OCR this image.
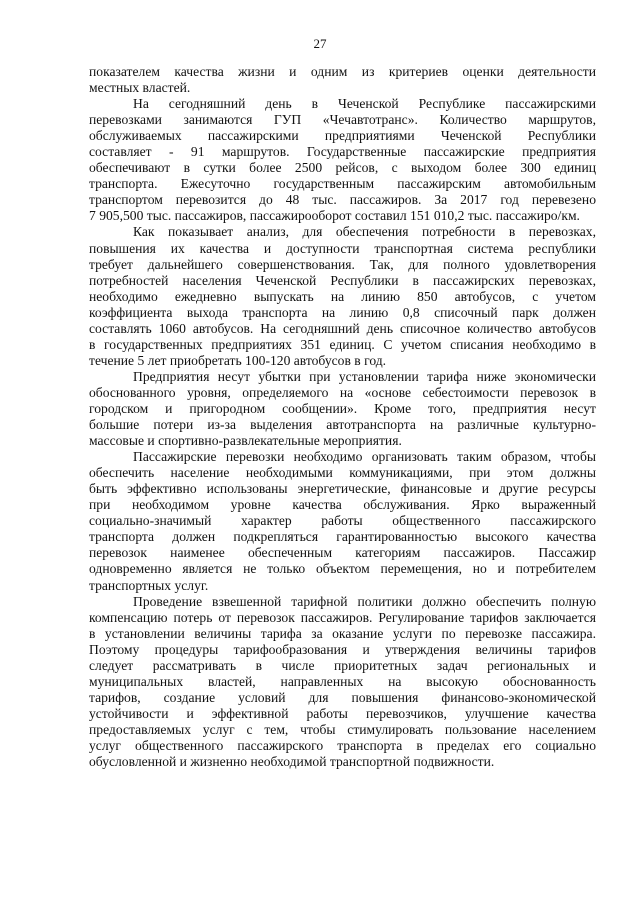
27
показателем качества жизни и одним из критериев оценки деятельности
местных властей.
На сегодняшний день в Чеченской Республике пассажирскими
перевозками занимаются ГУП «Чечавтотранс». Количество маршрутов,
обслуживаемых пассажирскими предприятиями Чеченской Республики
составляет - 91 маршрутов. Государственные пассажирские предприятия
обеспечивают в сутки более 2500 рейсов, с выходом более 300 единиц
транспорта. Ежесуточно государственным пассажирским автомобильным
транспортом перевозится до 48 тыс. пассажиров. За 2017 год перевезено
7 905,500 тыс. пассажиров, пассажирооборот составил 151 010,2 тыс. пассажиро/км.
Как показывает анализ, для обеспечения потребности в перевозках,
повышения их качества и доступности транспортная система республики
требует дальнейшего совершенствования. Так, для полного удовлетворения
потребностей населения Чеченской Республики в пассажирских перевозках,
необходимо ежедневно выпускать на линию 850 автобусов, с учетом
коэффициента выхода транспорта на линию 0,8 списочный парк должен
составлять 1060 автобусов. На сегодняшний день списочное количество автобусов
в государственных предприятиях 351 единиц. С учетом списания необходимо в
течение 5 лет приобретать 100-120 автобусов в год.
Предприятия несут убытки при установлении тарифа ниже экономически
обоснованного уровня, определяемого на «основе себестоимости перевозок в
городском и пригородном сообщении». Кроме того, предприятия несут
большие потери из-за выделения автотранспорта на различные культурно-
массовые и спортивно-развлекательные мероприятия.
Пассажирские перевозки необходимо организовать таким образом, чтобы
обеспечить население необходимыми коммуникациями, при этом должны
быть эффективно использованы энергетические, финансовые и другие ресурсы
при необходимом уровне качества обслуживания. Ярко выраженный
социально-значимый характер работы общественного пассажирского
транспорта должен подкрепляться гарантированностью высокого качества
перевозок наименее обеспеченным категориям пассажиров. Пассажир
одновременно является не только объектом перемещения, но и потребителем
транспортных услуг.
Проведение взвешенной тарифной политики должно обеспечить полную
компенсацию потерь от перевозок пассажиров. Регулирование тарифов заключается
в установлении величины тарифа за оказание услуги по перевозке пассажира.
Поэтому процедуры тарифообразования и утверждения величины тарифов
следует рассматривать в числе приоритетных задач региональных и
муниципальных властей, направленных на высокую обоснованность
тарифов, создание условий для повышения финансово-экономической
устойчивости и эффективной работы перевозчиков, улучшение качества
предоставляемых услуг с тем, чтобы стимулировать пользование населением
услуг общественного пассажирского транспорта в пределах его социально
обусловленной и жизненно необходимой транспортной подвижности.
